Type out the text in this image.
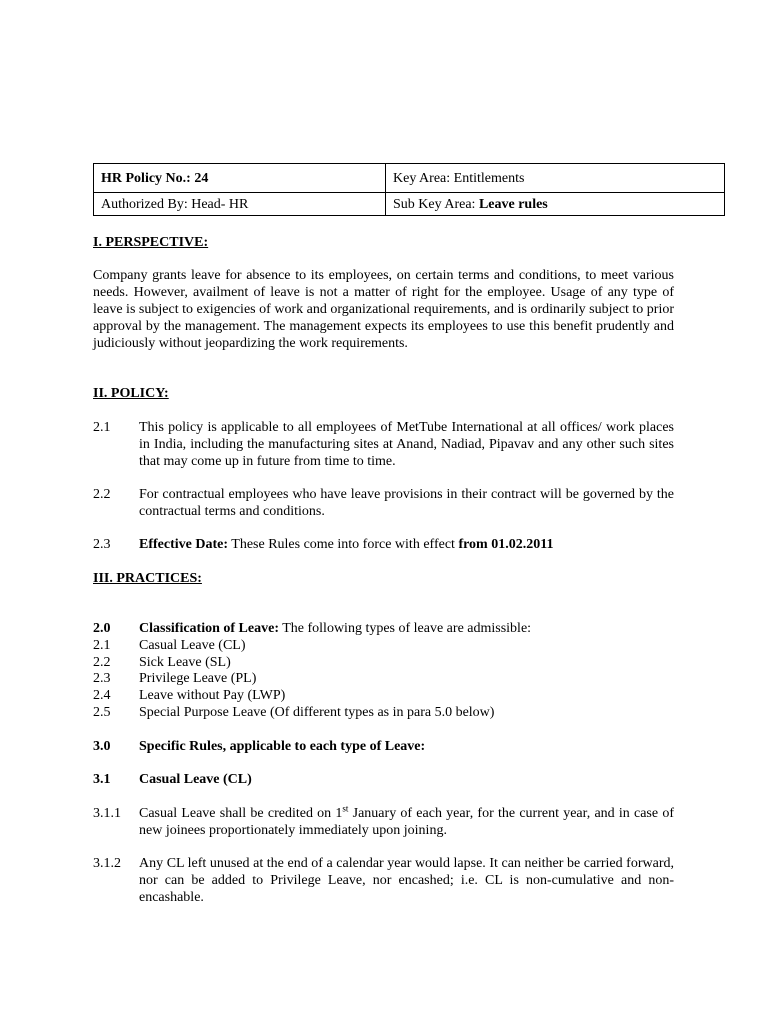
HR Policy No.: 24	Key Area: Entitlements
Authorized By: Head- HR	Sub Key Area: Leave rules
I. PERSPECTIVE:
Company grants leave for absence to its employees, on certain terms and conditions, to meet various needs. However, availment of leave is not a matter of right for the employee. Usage of any type of leave is subject to exigencies of work and organizational requirements, and is ordinarily subject to prior approval by the management. The management expects its employees to use this benefit prudently and judiciously without jeopardizing the work requirements.
II. POLICY:
2.1	This policy is applicable to all employees of MetTube International at all offices/ work places in India, including the manufacturing sites at Anand, Nadiad, Pipavav and any other such sites that may come up in future from time to time.
2.2	For contractual employees who have leave provisions in their contract will be governed by the contractual terms and conditions.
2.3	Effective Date: These Rules come into force with effect from 01.02.2011
III. PRACTICES:
2.0	Classification of Leave: The following types of leave are admissible:
2.1	Casual Leave (CL)
2.2	Sick Leave (SL)
2.3	Privilege Leave (PL)
2.4	Leave without Pay (LWP)
2.5	Special Purpose Leave (Of different types as in para 5.0 below)
3.0	Specific Rules, applicable to each type of Leave:
3.1	Casual Leave (CL)
3.1.1	Casual Leave shall be credited on 1st January of each year, for the current year, and in case of new joinees proportionately immediately upon joining.
3.1.2	Any CL left unused at the end of a calendar year would lapse. It can neither be carried forward, nor can be added to Privilege Leave, nor encashed; i.e. CL is non-cumulative and non-encashable.
